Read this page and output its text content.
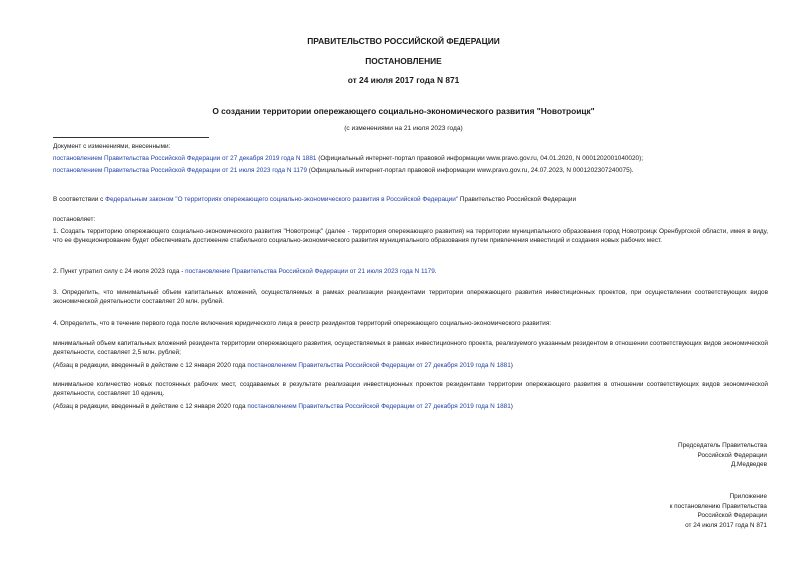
ПРАВИТЕЛЬСТВО РОССИЙСКОЙ ФЕДЕРАЦИИ
ПОСТАНОВЛЕНИЕ
от 24 июля 2017 года N 871
О создании территории опережающего социально-экономического развития "Новотроицк"
(с изменениями на 21 июля 2023 года)
Документ с изменениями, внесенными:
постановлением Правительства Российской Федерации от 27 декабря 2019 года N 1881 (Официальный интернет-портал правовой информации www.pravo.gov.ru, 04.01.2020, N 0001202001040020);
постановлением Правительства Российской Федерации от 21 июля 2023 года N 1179 (Официальный интернет-портал правовой информации www.pravo.gov.ru, 24.07.2023, N 0001202307240075).
В соответствии с Федеральным законом "О территориях опережающего социально-экономического развития в Российской Федерации" Правительство Российской Федерации
постановляет:
1. Создать территорию опережающего социально-экономического развития "Новотроицк" (далее - территория опережающего развития) на территории муниципального образования город Новотроицк Оренбургской области, имея в виду, что ее функционирование будет обеспечивать достижение стабильного социально-экономического развития муниципального образования путем привлечения инвестиций и создания новых рабочих мест.
2. Пункт утратил силу с 24 июля 2023 года - постановление Правительства Российской Федерации от 21 июля 2023 года N 1179.
3. Определить, что минимальный объем капитальных вложений, осуществляемых в рамках реализации резидентами территории опережающего развития инвестиционных проектов, при осуществлении соответствующих видов экономической деятельности составляет 20 млн. рублей.
4. Определить, что в течение первого года после включения юридического лица в реестр резидентов территорий опережающего социально-экономического развития:
минимальный объем капитальных вложений резидента территории опережающего развития, осуществляемых в рамках инвестиционного проекта, реализуемого указанным резидентом в отношении соответствующих видов экономической деятельности, составляет 2,5 млн. рублей;
(Абзац в редакции, введенный в действие с 12 января 2020 года постановлением Правительства Российской Федерации от 27 декабря 2019 года N 1881)
минимальное количество новых постоянных рабочих мест, создаваемых в результате реализации инвестиционных проектов резидентами территории опережающего развития в отношении соответствующих видов экономической деятельности, составляет 10 единиц.
(Абзац в редакции, введенный в действие с 12 января 2020 года постановлением Правительства Российской Федерации от 27 декабря 2019 года N 1881)
Председатель Правительства
Российской Федерации
Д.Медведев
Приложение
к постановлению Правительства
Российской Федерации
от 24 июля 2017 года N 871
